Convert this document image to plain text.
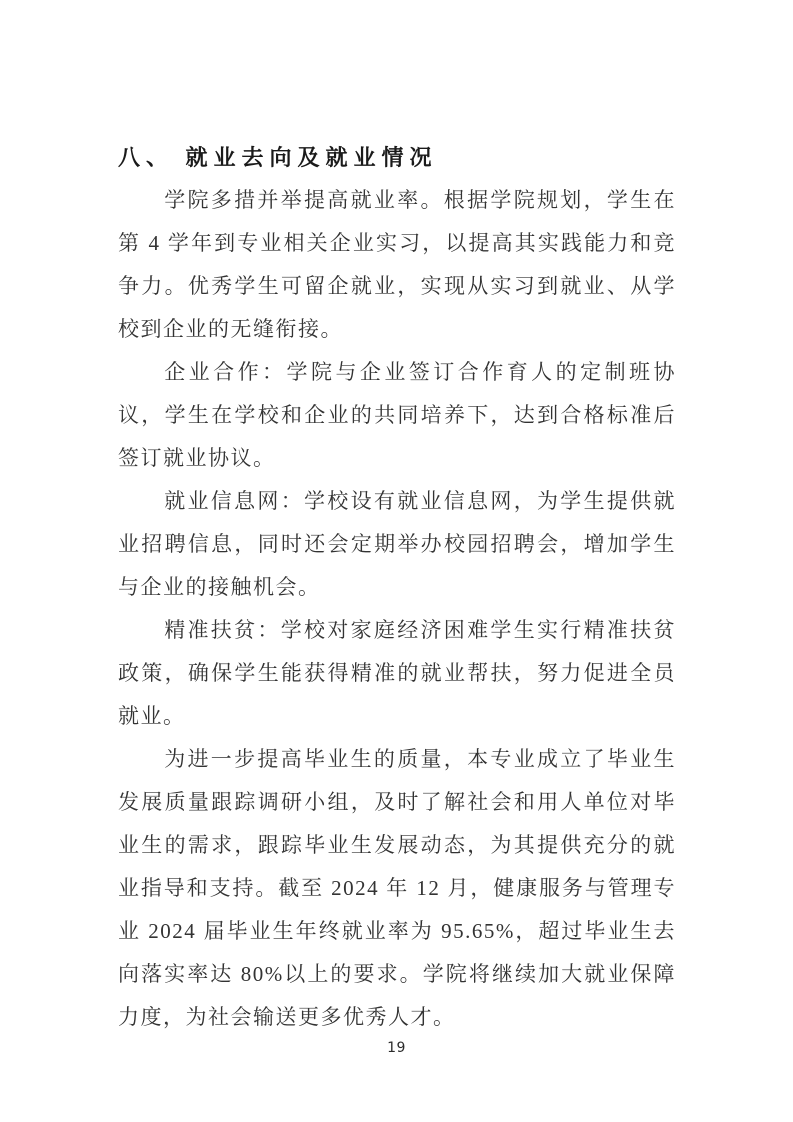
八、 就业去向及就业情况

学院多措并举提高就业率。根据学院规划，学生在第 4 学年到专业相关企业实习，以提高其实践能力和竞争力。优秀学生可留企就业，实现从实习到就业、从学校到企业的无缝衔接。

企业合作：学院与企业签订合作育人的定制班协议，学生在学校和企业的共同培养下，达到合格标准后签订就业协议。

就业信息网：学校设有就业信息网，为学生提供就业招聘信息，同时还会定期举办校园招聘会，增加学生与企业的接触机会。

精准扶贫：学校对家庭经济困难学生实行精准扶贫政策，确保学生能获得精准的就业帮扶，努力促进全员就业。

为进一步提高毕业生的质量，本专业成立了毕业生发展质量跟踪调研小组，及时了解社会和用人单位对毕业生的需求，跟踪毕业生发展动态，为其提供充分的就业指导和支持。截至 2024 年 12 月，健康服务与管理专业 2024 届毕业生年终就业率为 95.65%，超过毕业生去向落实率达 80%以上的要求。学院将继续加大就业保障力度，为社会输送更多优秀人才。

19
